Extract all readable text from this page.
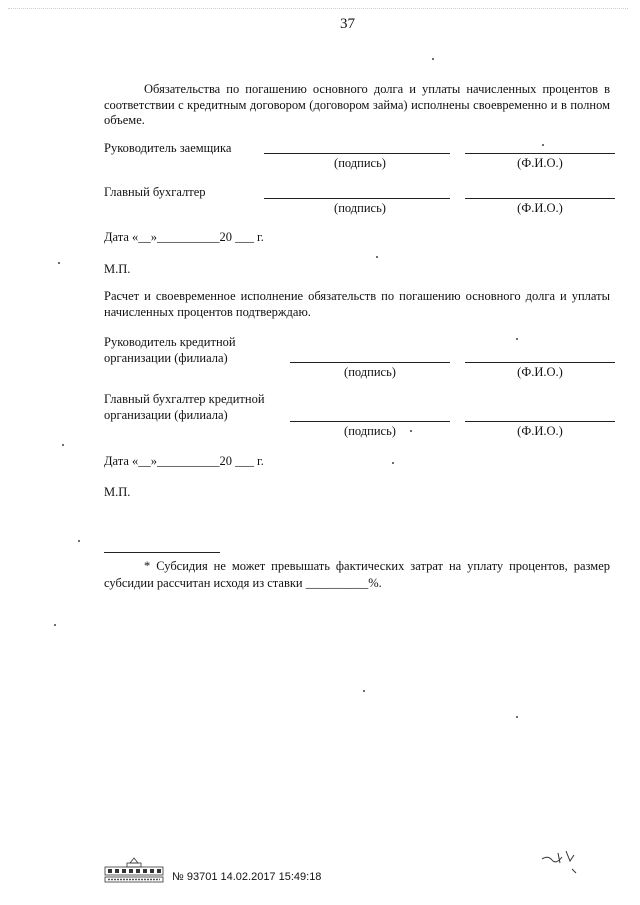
37
Обязательства по погашению основного долга и уплаты начисленных процентов в соответствии с кредитным договором (договором займа) исполнены своевременно и в полном объеме.
Руководитель заемщика
(подпись)	(Ф.И.О.)
Главный бухгалтер
(подпись)	(Ф.И.О.)
Дата «__»__________20 ___ г.
М.П.
Расчет и своевременное исполнение обязательств по погашению основного долга и уплаты начисленных процентов подтверждаю.
Руководитель кредитной
организации (филиала)
(подпись)	(Ф.И.О.)
Главный бухгалтер кредитной
организации (филиала)
(подпись)	(Ф.И.О.)
Дата «__»__________20 ___ г.
М.П.
* Субсидия не может превышать фактических затрат на уплату процентов, размер субсидии рассчитан исходя из ставки __________%.
№ 93701 14.02.2017 15:49:18
